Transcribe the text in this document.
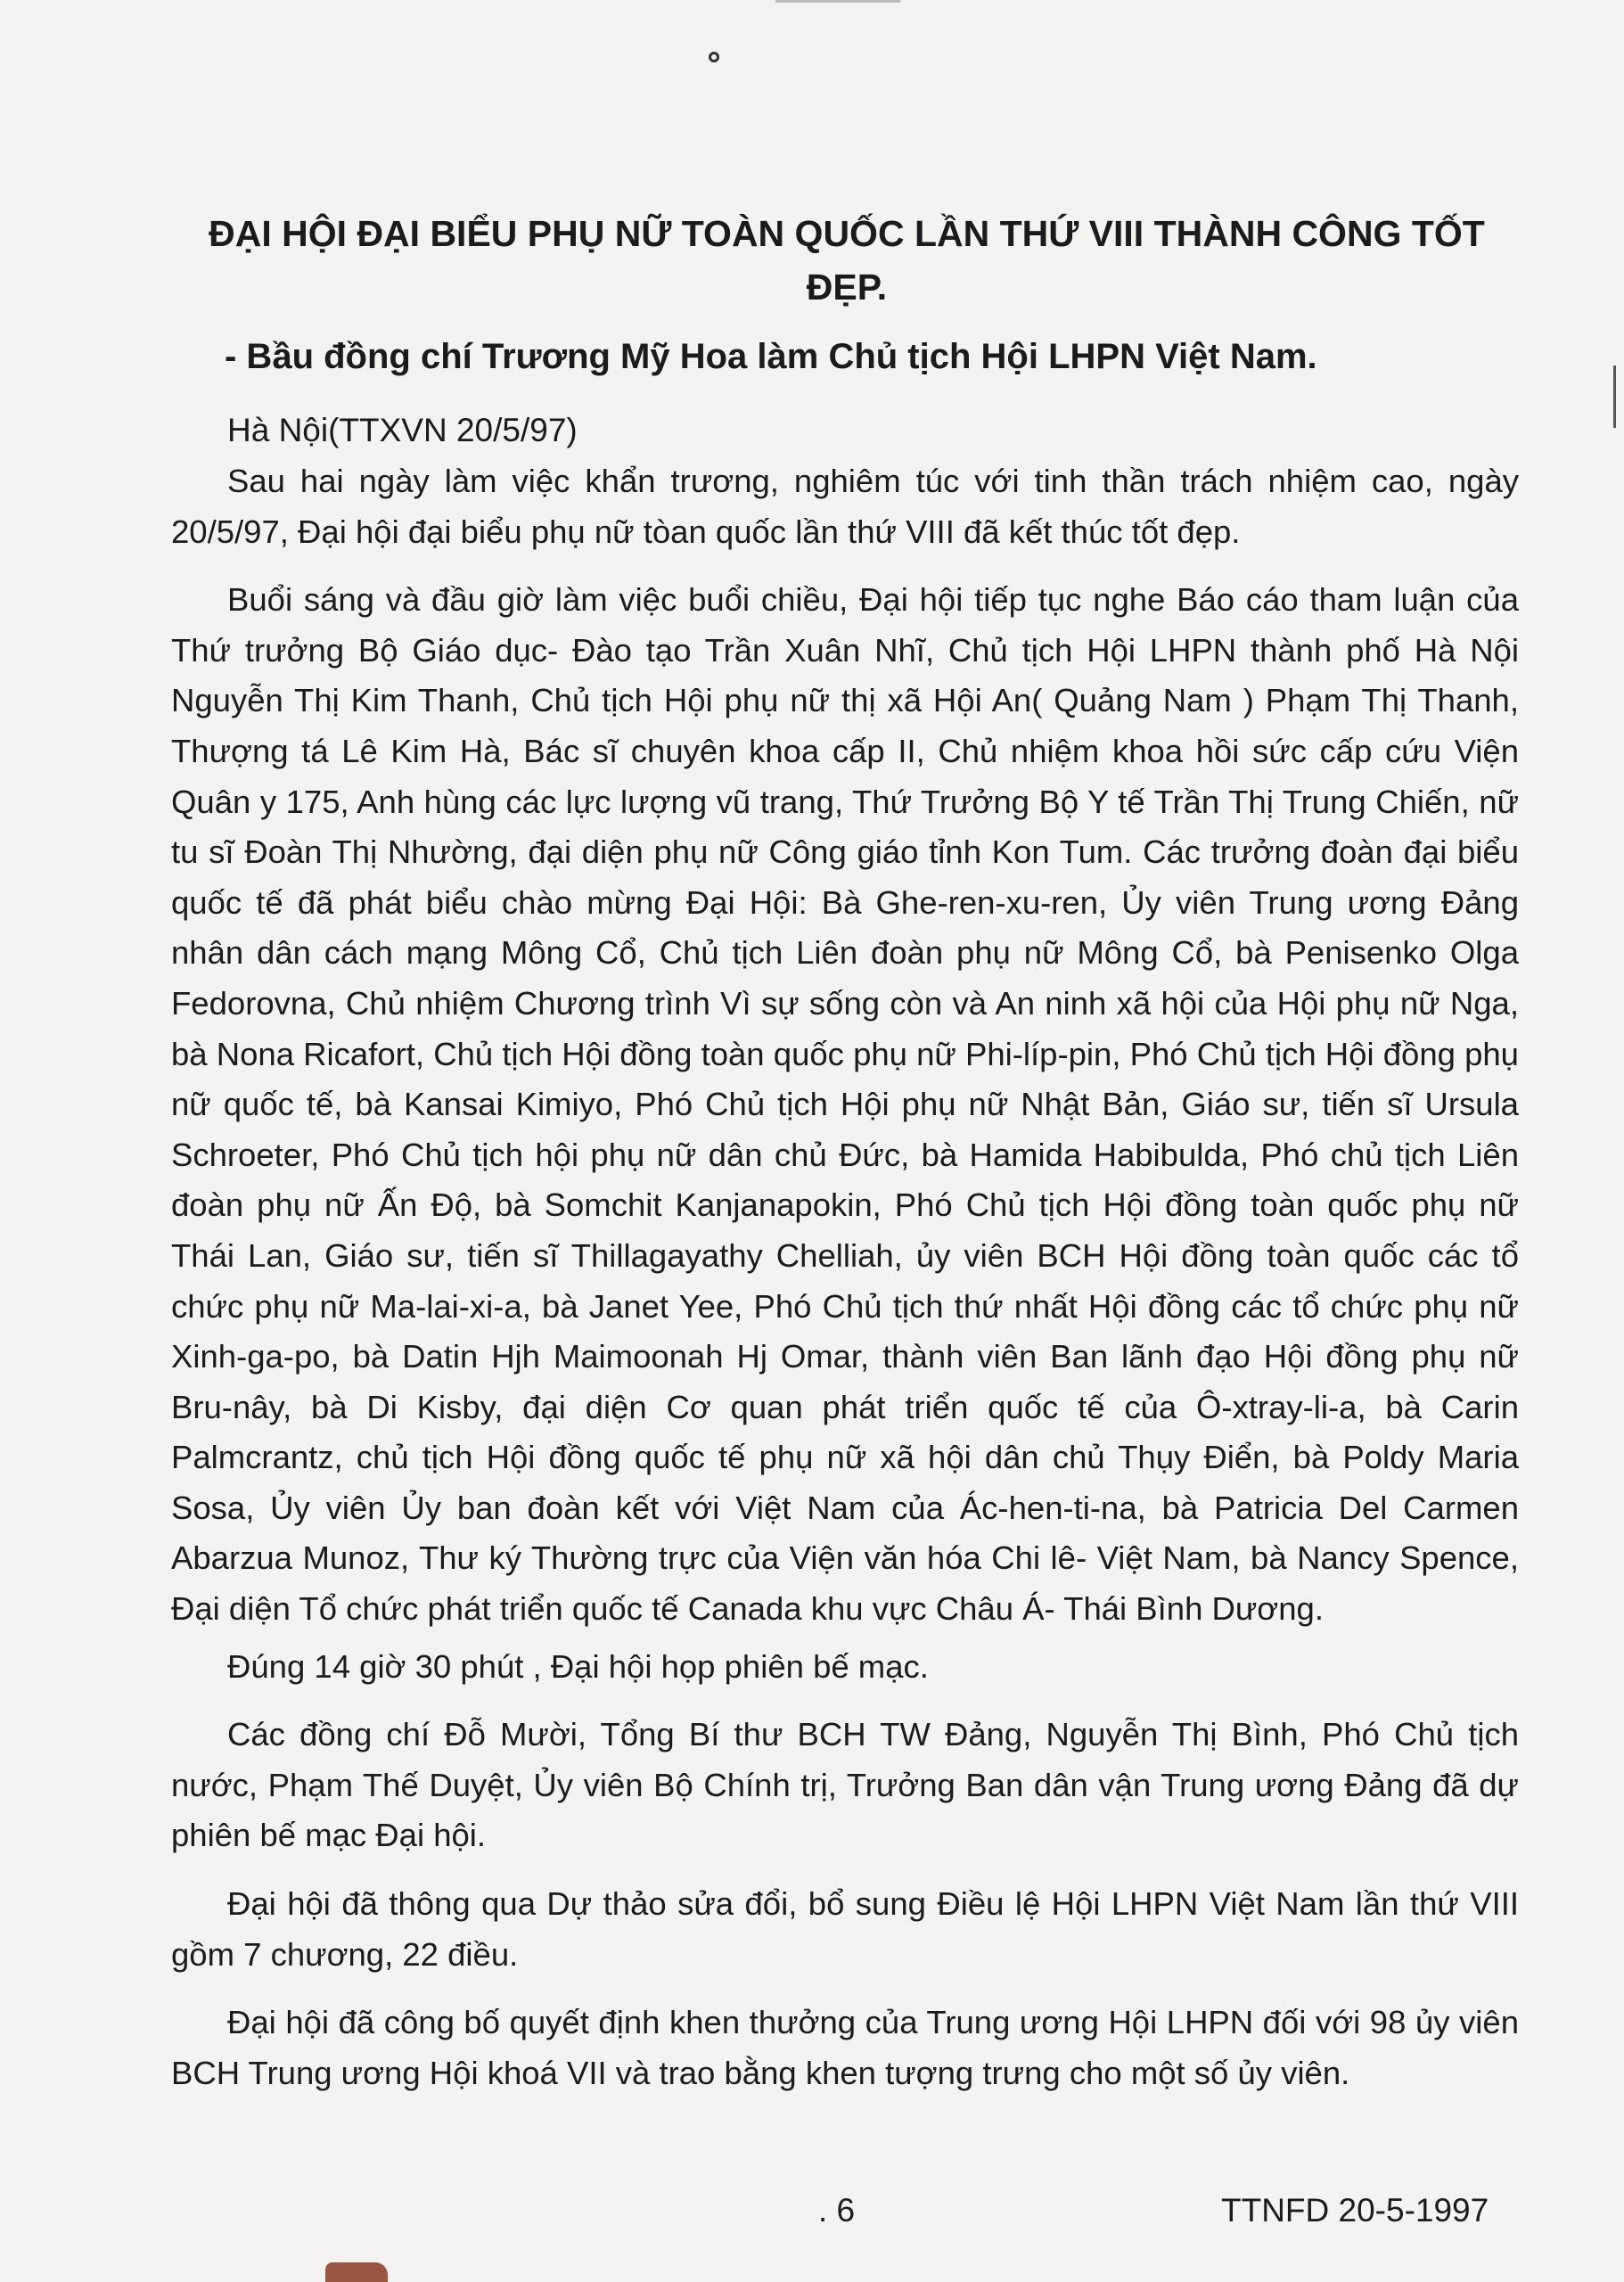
ĐẠI HỘI ĐẠI BIỂU PHỤ NỮ TOÀN QUỐC LẦN THỨ VIII THÀNH CÔNG TỐT ĐẸP.
- Bầu đồng chí Trương Mỹ Hoa làm Chủ tịch Hội LHPN Việt Nam.

Hà Nội(TTXVN 20/5/97)

Sau hai ngày làm việc khẩn trương, nghiêm túc với tinh thần trách nhiệm cao, ngày 20/5/97, Đại hội đại biểu phụ nữ tòan quốc lần thứ VIII đã kết thúc tốt đẹp.

Buổi sáng và đầu giờ làm việc buổi chiều, Đại hội tiếp tục nghe Báo cáo tham luận của Thứ trưởng Bộ Giáo dục- Đào tạo Trần Xuân Nhĩ, Chủ tịch Hội LHPN thành phố Hà Nội Nguyễn Thị Kim Thanh, Chủ tịch Hội phụ nữ thị xã Hội An( Quảng Nam ) Phạm Thị Thanh, Thượng tá Lê Kim Hà, Bác sĩ chuyên khoa cấp II, Chủ nhiệm khoa hồi sức cấp cứu Viện Quân y 175, Anh hùng các lực lượng vũ trang, Thứ Trưởng Bộ Y tế Trần Thị Trung Chiến, nữ tu sĩ Đoàn Thị Nhường, đại diện phụ nữ Công giáo tỉnh Kon Tum. Các trưởng đoàn đại biểu quốc tế đã phát biểu chào mừng Đại Hội: Bà Ghe-ren-xu-ren, Ủy viên Trung ương Đảng nhân dân cách mạng Mông Cổ, Chủ tịch Liên đoàn phụ nữ Mông Cổ, bà Penisenko Olga Fedorovna, Chủ nhiệm Chương trình Vì sự sống còn và An ninh xã hội của Hội phụ nữ Nga, bà Nona Ricafort, Chủ tịch Hội đồng toàn quốc phụ nữ Phi-líp-pin, Phó Chủ tịch Hội đồng phụ nữ quốc tế, bà Kansai Kimiyo, Phó Chủ tịch Hội phụ nữ Nhật Bản, Giáo sư, tiến sĩ Ursula Schroeter, Phó Chủ tịch hội phụ nữ dân chủ Đức, bà Hamida Habibulda, Phó chủ tịch Liên đoàn phụ nữ Ấn Độ, bà Somchit Kanjanapokin, Phó Chủ tịch Hội đồng toàn quốc phụ nữ Thái Lan, Giáo sư, tiến sĩ Thillagayathy Chelliah, ủy viên BCH Hội đồng toàn quốc các tổ chức phụ nữ Ma-lai-xi-a, bà Janet Yee, Phó Chủ tịch thứ nhất Hội đồng các tổ chức phụ nữ Xinh-ga-po, bà Datin Hjh Maimoonah Hj Omar, thành viên Ban lãnh đạo Hội đồng phụ nữ Bru-nây, bà Di Kisby, đại diện Cơ quan phát triển quốc tế của Ô-xtray-li-a, bà Carin Palmcrantz, chủ tịch Hội đồng quốc tế phụ nữ xã hội dân chủ Thụy Điển, bà Poldy Maria Sosa, Ủy viên Ủy ban đoàn kết với Việt Nam của Ác-hen-ti-na, bà Patricia Del Carmen Abarzua Munoz, Thư ký Thường trực của Viện văn hóa Chi lê- Việt Nam, bà Nancy Spence, Đại diện Tổ chức phát triển quốc tế Canada khu vực Châu Á- Thái Bình Dương.

Đúng 14 giờ 30 phút , Đại hội họp phiên bế mạc.

Các đồng chí Đỗ Mười, Tổng Bí thư BCH TW Đảng, Nguyễn Thị Bình, Phó Chủ tịch nước, Phạm Thế Duyệt, Ủy viên Bộ Chính trị, Trưởng Ban dân vận Trung ương Đảng đã dự phiên bế mạc Đại hội.

Đại hội đã thông qua Dự thảo sửa đổi, bổ sung Điều lệ Hội LHPN Việt Nam lần thứ VIII gồm 7 chương, 22 điều.

Đại hội đã công bố quyết định khen thưởng của Trung ương Hội LHPN đối với 98 ủy viên BCH Trung ương Hội khoá VII và trao bằng khen tượng trưng cho một số ủy viên.

. 6	TTNFD 20-5-1997
